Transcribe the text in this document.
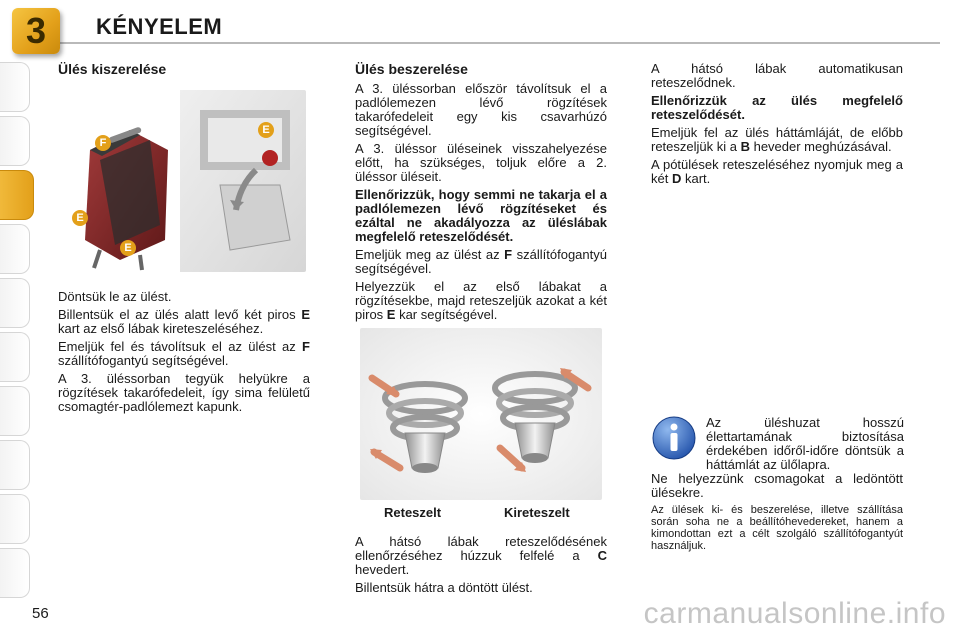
3 KÉNYELEM
Ülés kiszerelése
F
E
E
E

Döntsük le az ülést.

Billentsük el az ülés alatt levő két piros E kart az első lábak kireteszeléséhez.

Emeljük fel és távolítsuk el az ülést az F szállítófogantyú segítségével.

A 3. üléssorban tegyük helyükre a rögzítések takarófedeleit, így sima felületű csomagtér-padlólemezt kapunk.

Ülés beszerelése

A 3. üléssorban először távolítsuk el a padlólemezen lévő rögzítések takarófedeleit egy kis csavarhúzó segítségével.

A 3. üléssor üléseinek visszahelyezése előtt, ha szükséges, toljuk előre a 2. üléssor üléseit.

Ellenőrizzük, hogy semmi ne takarja el a padlólemezen lévő rögzítéseket és ezáltal ne akadályozza az üléslábak megfelelő reteszelődését.

Emeljük meg az ülést az F szállítófogantyú segítségével.

Helyezzük el az első lábakat a rögzítésekbe, majd reteszeljük azokat a két piros E kar segítségével.

Reteszelt	Kireteszelt

A hátsó lábak reteszelődésének ellenőrzéséhez húzzuk felfelé a C hevedert.

Billentsük hátra a döntött ülést.

A hátsó lábak automatikusan reteszelődnek.

Ellenőrizzük az ülés megfelelő reteszelődését.

Emeljük fel az ülés háttámláját, de előbb reteszeljük ki a B heveder meghúzásával.

A pótülések reteszeléséhez nyomjuk meg a két D kart.

Az üléshuzat hosszú élettartamának biztosítása érdekében időről-időre döntsük a háttámlát az ülőlapra.

Ne helyezzünk csomagokat a ledöntött ülésekre.

Az ülések ki- és beszerelése, illetve szállítása során soha ne a beállítóhevedereket, hanem a kimondottan ezt a célt szolgáló szállítófogantyút használjuk.

56	carmanualsonline.info
